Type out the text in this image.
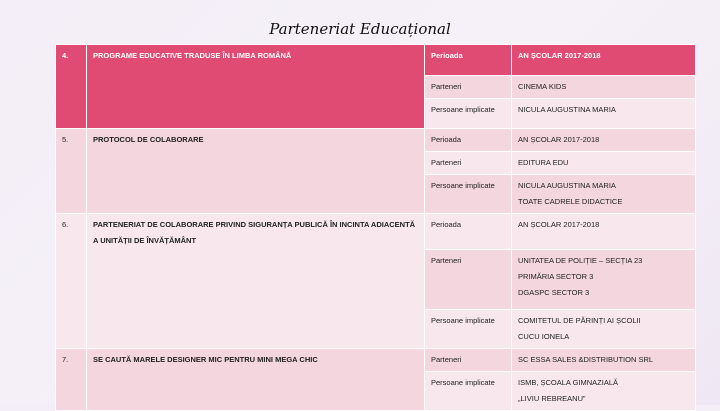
Parteneriat Educațional
4.	PROGRAME EDUCATIVE TRADUSE ÎN LIMBA ROMÂNĂ	Perioada	AN ȘCOLAR 2017-2018
		Parteneri	CINEMA KIDS
		Persoane implicate	NICULA AUGUSTINA MARIA
5.	PROTOCOL DE COLABORARE	Perioada	AN ȘCOLAR 2017-2018
		Parteneri	EDITURA EDU
		Persoane implicate	NICULA AUGUSTINA MARIA
TOATE CADRELE DIDACTICE

6.	PARTENERIAT DE COLABORARE PRIVIND SIGURANȚA PUBLICĂ ÎN INCINTA ADIACENTĂ A UNITĂȚII DE ÎNVĂȚĂMÂNT	Perioada	AN ȘCOLAR 2017-2018
		Parteneri	UNITATEA DE POLIȚIE – SECȚIA 23
PRIMĂRIA SECTOR 3
DGASPC SECTOR 3

		Persoane implicate	COMITETUL DE PĂRINȚI AI ȘCOLII
CUCU IONELA

7.	SE CAUTĂ MARELE DESIGNER MIC PENTRU MINI MEGA CHIC	Parteneri	SC ESSA SALES &DISTRIBUTION SRL
		Persoane implicate	ISMB, ȘCOALA GIMNAZIALĂ
„LIVIU REBREANU”
